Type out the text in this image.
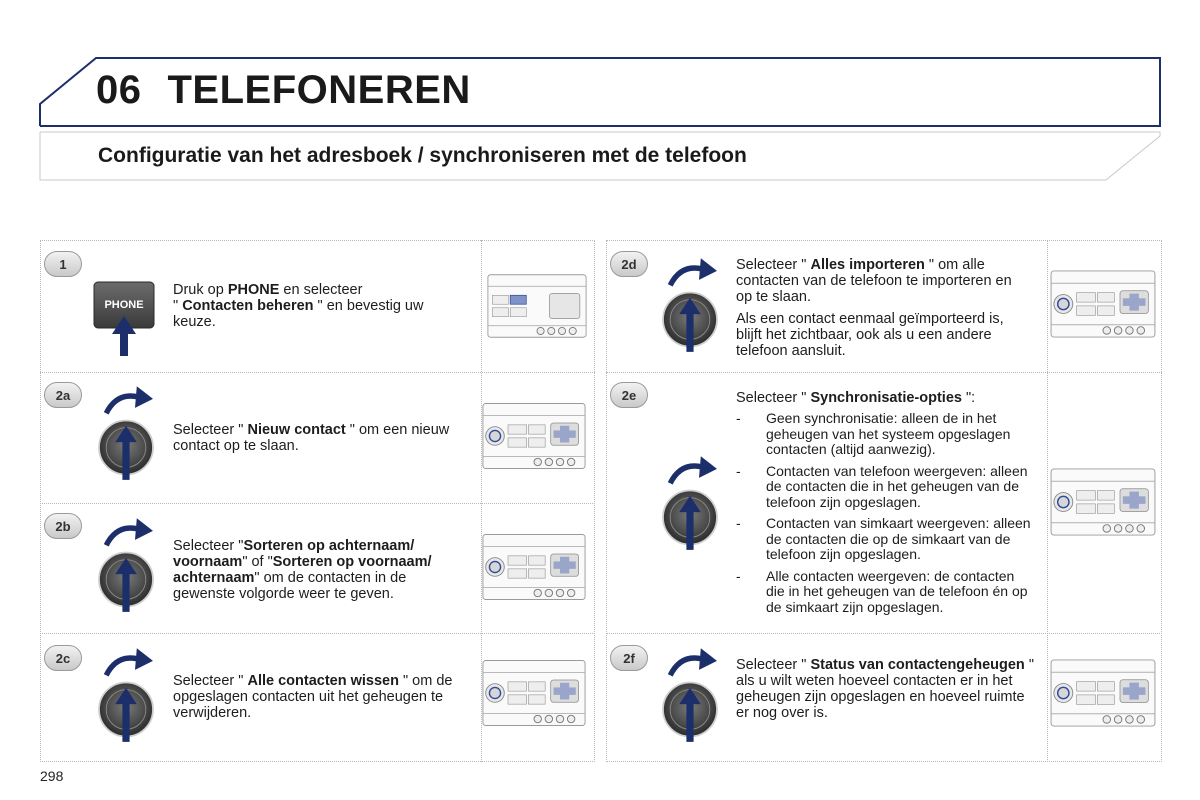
06 TELEFONEREN
Configuratie van het adresboek / synchroniseren met de telefoon
1
PHONE
Druk op PHONE en selecteer
" Contacten beheren " en bevestig uw keuze.
2a
Selecteer " Nieuw contact " om een nieuw contact op te slaan.
2b
Selecteer "Sorteren op achternaam/ voornaam" of "Sorteren op voornaam/ achternaam" om de contacten in de gewenste volgorde weer te geven.
2c
Selecteer " Alle contacten wissen " om de opgeslagen contacten uit het geheugen te verwijderen.
2d	Selecteer " Alles importeren " om alle contacten van de telefoon te importeren en op te slaan.

Als een contact eenmaal geïmporteerd is, blijft het zichtbaar, ook als u een andere telefoon aansluit.

2e	Selecteer " Synchronisatie-opties ":
- Geen synchronisatie: alleen de in het geheugen van het systeem opgeslagen contacten (altijd aanwezig).
- Contacten van telefoon weergeven: alleen de contacten die in het geheugen van de telefoon zijn opgeslagen.
- Contacten van simkaart weergeven: alleen de contacten die op de simkaart van de telefoon zijn opgeslagen.
- Alle contacten weergeven: de contacten die in het geheugen van de telefoon én op de simkaart zijn opgeslagen.
2f	Selecteer " Status van contactengeheugen " als u wilt weten hoeveel contacten er in het geheugen zijn opgeslagen en hoeveel ruimte er nog over is.
298
